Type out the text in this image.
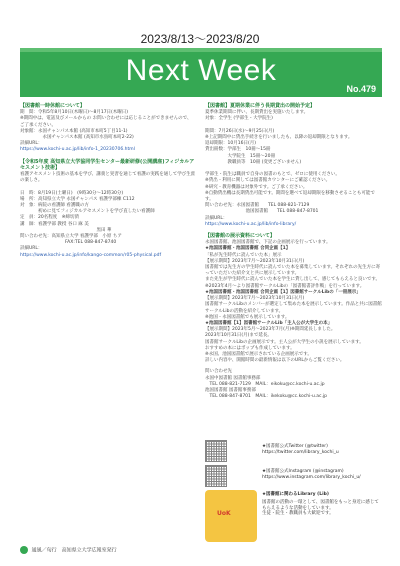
2023/8/13〜2023/8/20
Next Week
No.479
【図書館一時休館について】

期　間：令和5年8月10日(木曜日)〜8月17日(木曜日)
※期間中は、電話及びメールからの お問い合わせには応じることができませんので、ご了承ください。
対象館：永国チャンパス本館 (高知市本町5丁目11-1)
　　　　　永国チャンパス本館 (高知市水鳥町本町2-22)
詳細URL：

https://www.kochi-u.ac.jp/lib/info-1_20230706.html
【令和5年度 高知県立大学協同学生センター最新研修(公開講座)フィジカルアセスメント技術】

看護アセスメント技術の基本を学び、講義と実習を通じて看護の実践を通して学び生涯の楽しさ。

日　時：8月19日(土曜日)　(9時30分〜12時30分)
場　所：高知県立大学 永国チャンパス 看護学部棟 C112
対　象：病院の看護師 看護職の方
　　　　初めに見てフィジカルアセスメントを学び直したい看護師
定　員：20名程度　※締切済
講　師：看護学部 教授 谷口 麻 美
　　　　　　　　　　　　　　　　　黒田 華
問い合わせ先：高知県立大学 看護学部　小原 ちア
　　　　　　　　　　FAX:TEL 088-847-8740
詳細URL：

https://www.kochi-u.ac.jp/info/kango-common/r05-physical.pdf
【図書館】夏期休業に伴う長期貸出の開始予定】

夏季休業期間に伴い、長期貸出を実施いたします。
対象：全学生 (学部生・大学院生)

期間：7月26日(水)〜9月25日(月)
※上記期間中に貸出手続きを行いましたも、以降の返却期限となります。
返却期限：10月16日(月)
貸出冊数：学部生　10冊〜15冊
　　　　　大学院生　15冊〜20冊
　　　　　教職員等　10冊 (変更ございません)

学部生・院生は職員で自身の図書のもとで、ゼロに使用ください。
※貸出・利用に関しては図書館カウンターにご確認ください。
※研究・教育機器は対象外です。ご了承ください。
※自動貸出機は長期貸出可能です。期間を選べて返却期限を移動させることも可能です。
問い合わせ先：永国図書館　　TEL 088-821-7129
　　　　　　　　　池国図書館　　TEL 088-847-8701
詳細URL：

https://www.kochi-u.ac.jp/lib/info-library/
【図書館の展示資料について】

永国図書館、池国図書館で、下記の企画展示を行っています。

★池国図書館・池国図書館 合同企画【1】

「私が先生時代に読んでいた本」展示
【展示期間】2023年7月〜2023年10月31日(月)
図書館では先生方の学生時代に読んでいた本を募集しています。それぞれの先生方に寄っていただいた紹介文と共に展示しています。
また先生が学生時代に読んでいた本を学生に貸し出して、感じてもらえると良いです。
※2023年4月〜より図書館サークルLibの「図書館書評作戦」を行っています。

★池国図書館・池国図書館 合同企画【1】図書館サークルLibの「一冊展示」

【展示期間】2023年7月〜2023年10月31日(月)
図書館サークルLibのメンバーが選定して集めた本を展示しています。作品と共に図書館サークルLibの活動を紹介しています。
※池国・永国図書館でも展示しています。

★池国図書館【1】図書館サークルLib「主人公が大学生の本」

【展示期間】2023年5月〜2023年7月(月)※期間延長しました。
2023年10月31日(月)まで延長。
図書館サークルLibの企画展示です。主人公が大学生の小説を展示しています。
おすすめの本にはポップも作成しています。
※永国、池国図書館で展示されている企画展示です。

詳しい内容や、開館時間の最新情報は以下のURLからご覧ください。

問い合わせ先

永国中図書館 図書館事務部
　TEL 088-821-7129　MAIL：eikoku@cc.kochi-u.ac.jp
池国図書館 図書館事務部
　TEL 088-847-8701　MAIL：ikekoku@cc.kochi-u.ac.jp

★図書館公式Twitter (@twitter)
https://twitter.com/library_kochi_u
★図書館公式Instagram (@instagram)
https://www.instagram.com/library_kochi_u/
UoK
★図書館に関わるLibrary (Lib)
図書館の活動の一環として、図書館をもっと身近に感じてもらえるような活動をしています。
生徒・院生・教職員も大歓迎です。
通風／旬行　高知県立大学広報室発行
